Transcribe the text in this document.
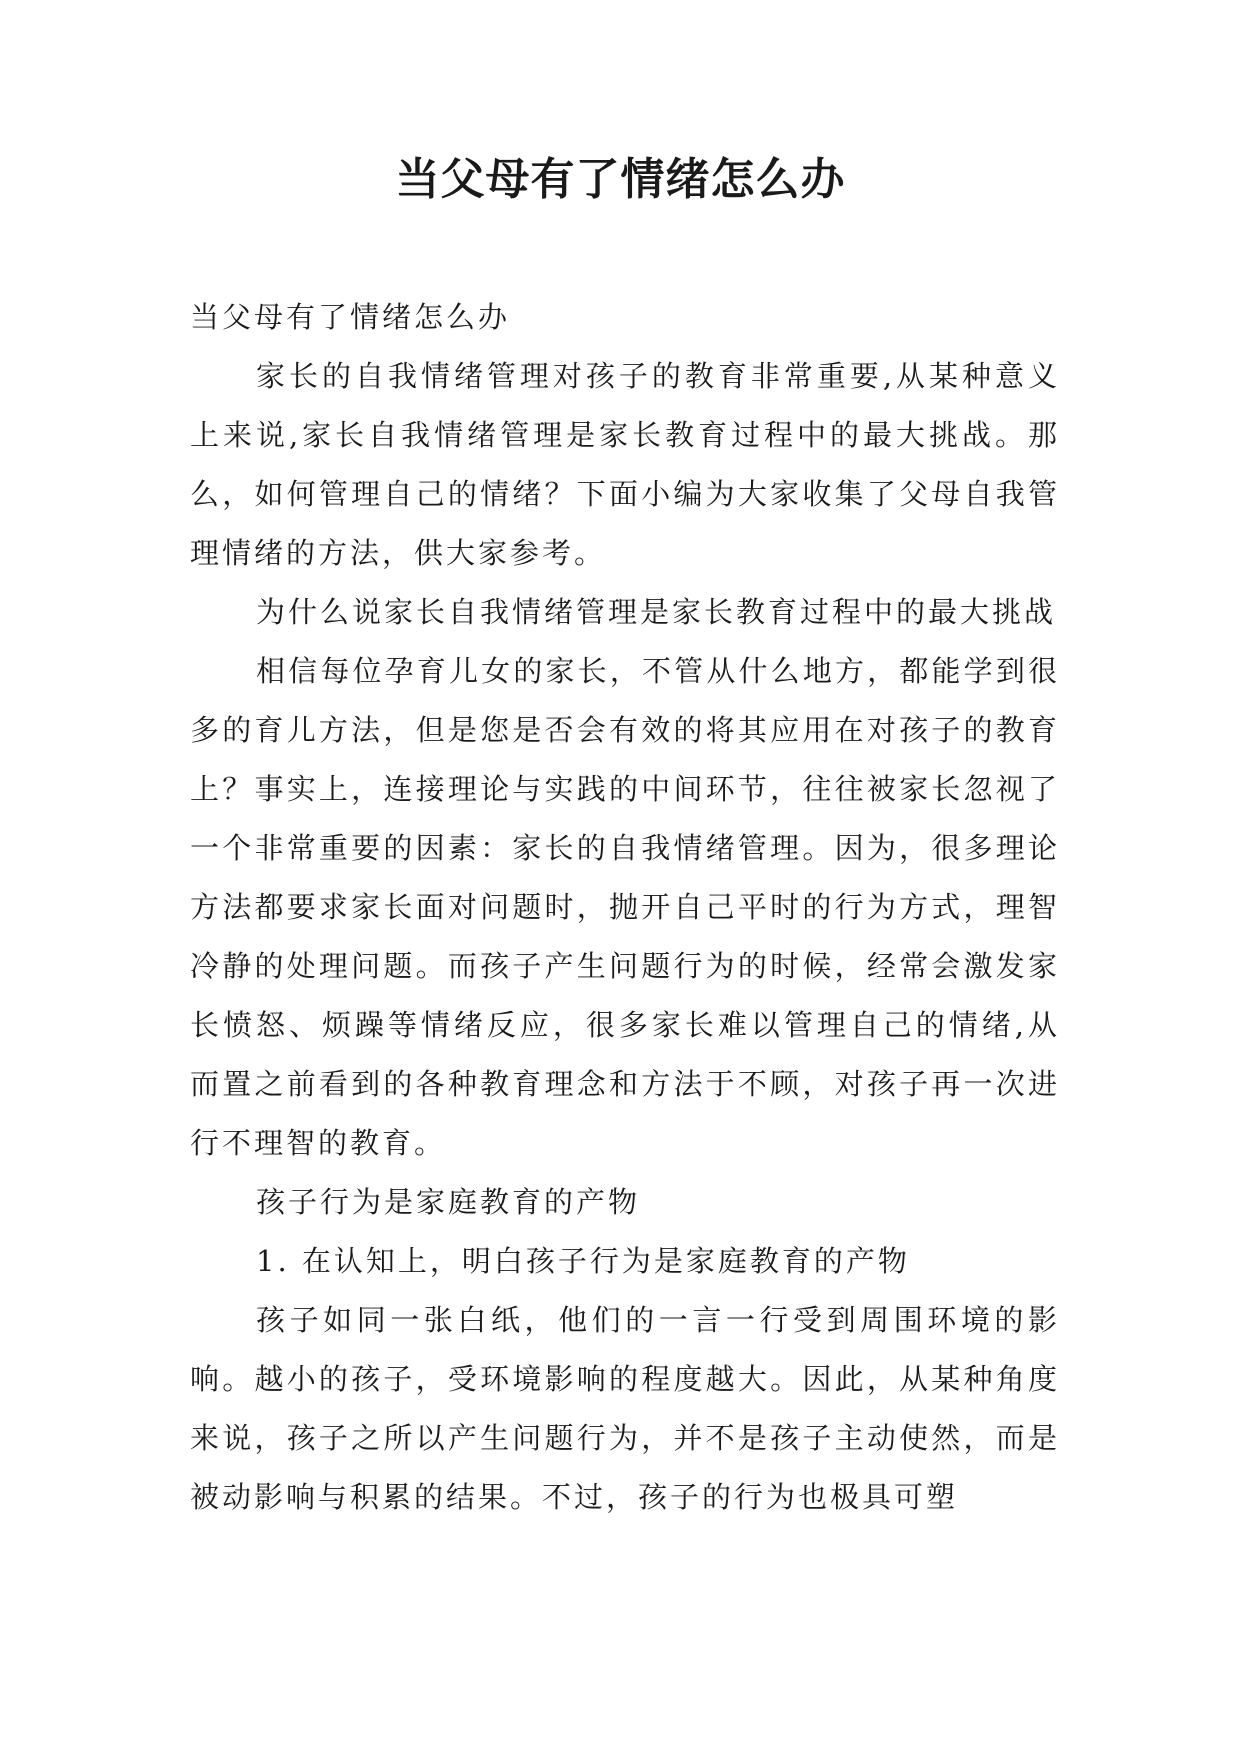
当父母有了情绪怎么办

当父母有了情绪怎么办

家长的自我情绪管理对孩子的教育非常重要,从某种意义上来说,家长自我情绪管理是家长教育过程中的最大挑战。那么，如何管理自己的情绪？下面小编为大家收集了父母自我管理情绪的方法，供大家参考。

为什么说家长自我情绪管理是家长教育过程中的最大挑战

相信每位孕育儿女的家长，不管从什么地方，都能学到很多的育儿方法，但是您是否会有效的将其应用在对孩子的教育上？事实上，连接理论与实践的中间环节，往往被家长忽视了一个非常重要的因素：家长的自我情绪管理。因为，很多理论方法都要求家长面对问题时，抛开自己平时的行为方式，理智冷静的处理问题。而孩子产生问题行为的时候，经常会激发家长愤怒、烦躁等情绪反应，很多家长难以管理自己的情绪,从而置之前看到的各种教育理念和方法于不顾，对孩子再一次进行不理智的教育。

孩子行为是家庭教育的产物

1. 在认知上，明白孩子行为是家庭教育的产物

孩子如同一张白纸，他们的一言一行受到周围环境的影响。越小的孩子，受环境影响的程度越大。因此，从某种角度来说，孩子之所以产生问题行为，并不是孩子主动使然，而是被动影响与积累的结果。不过，孩子的行为也极具可塑
